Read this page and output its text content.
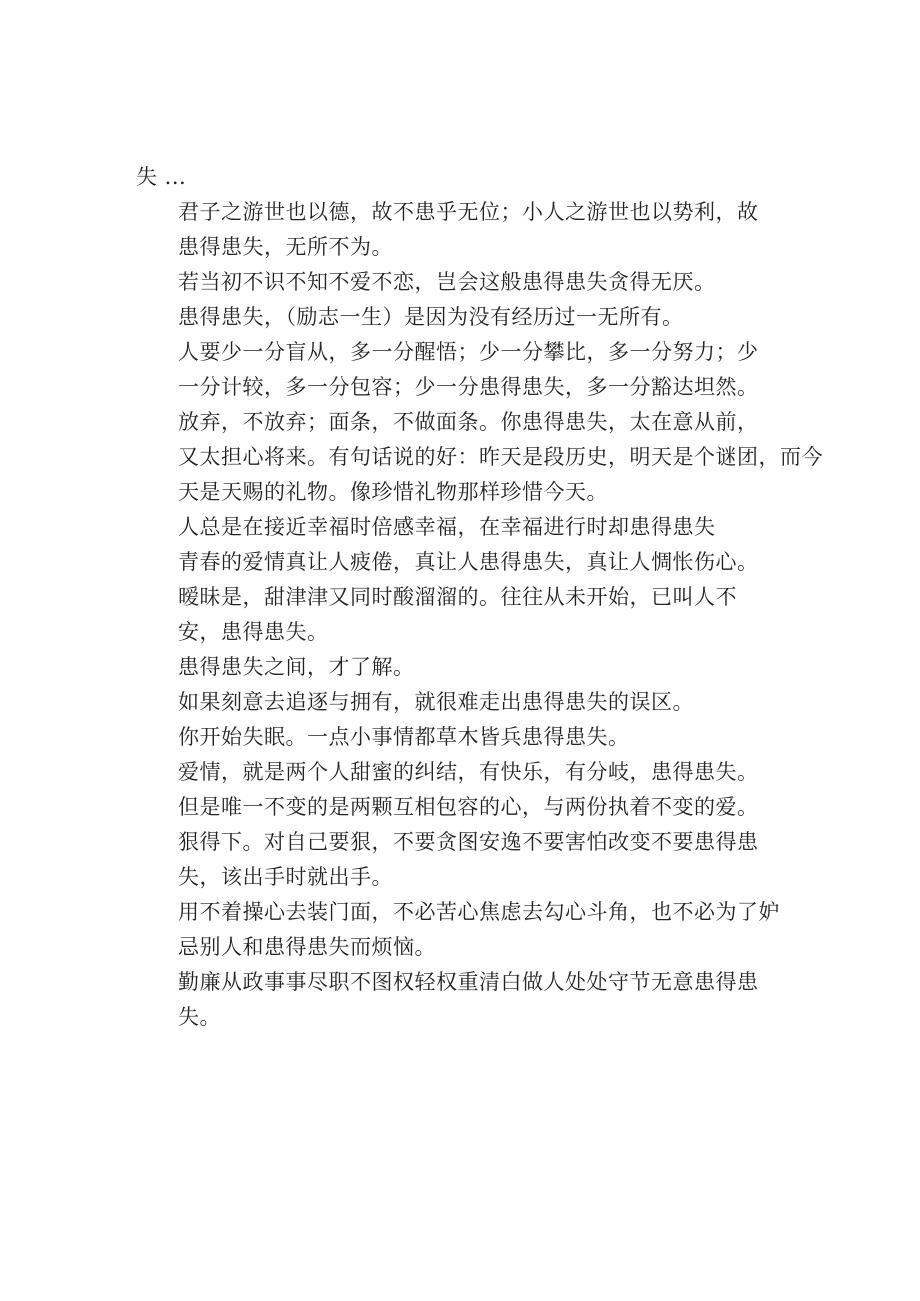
失 ...

君子之游世也以德，故不患乎无位；小人之游世也以势利，故
患得患失，无所不为。

若当初不识不知不爱不恋，岂会这般患得患失贪得无厌。

患得患失，（励志一生）是因为没有经历过一无所有。

人要少一分盲从，多一分醒悟；少一分攀比，多一分努力；少
一分计较，多一分包容；少一分患得患失，多一分豁达坦然。

放弃，不放弃；面条，不做面条。你患得患失，太在意从前，
又太担心将来。有句话说的好：昨天是段历史，明天是个谜团，而今
天是天赐的礼物。像珍惜礼物那样珍惜今天。

人总是在接近幸福时倍感幸福，在幸福进行时却患得患失

青春的爱情真让人疲倦，真让人患得患失，真让人惆怅伤心。

暧昧是，甜津津又同时酸溜溜的。往往从未开始，已叫人不
安，患得患失。

患得患失之间，才了解。

如果刻意去追逐与拥有，就很难走出患得患失的误区。

你开始失眠。一点小事情都草木皆兵患得患失。

爱情，就是两个人甜蜜的纠结，有快乐，有分岐，患得患失。
但是唯一不变的是两颗互相包容的心，与两份执着不变的爱。

狠得下。对自己要狠，不要贪图安逸不要害怕改变不要患得患
失，该出手时就出手。

用不着操心去装门面，不必苦心焦虑去勾心斗角，也不必为了妒
忌别人和患得患失而烦恼。

勤廉从政事事尽职不图权轻权重清白做人处处守节无意患得患
失。
